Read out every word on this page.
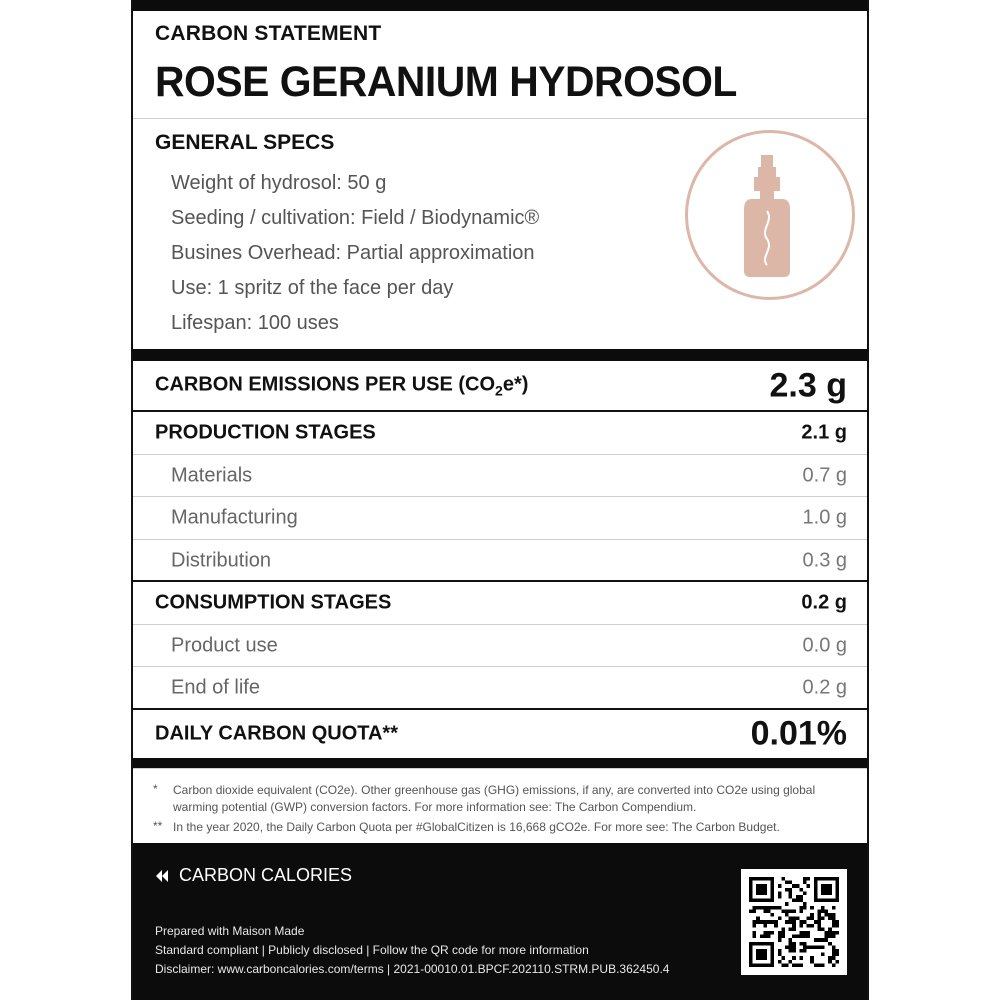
CARBON STATEMENT
ROSE GERANIUM HYDROSOL
GENERAL SPECS
Weight of hydrosol: 50 g
Seeding / cultivation: Field / Biodynamic®
Busines Overhead: Partial approximation
Use: 1 spritz of the face per day
Lifespan: 100 uses
CARBON EMISSIONS PER USE $(CO_2e*)$	2.3 g
PRODUCTION STAGES	2.1 g
Materials	0.7 g
Manufacturing	1.0 g
Distribution	0.3 g
CONSUMPTION STAGES	0.2 g
Product use	0.0 g
End of life	0.2 g
DAILY CARBON QUOTA**	0.01%
* Carbon dioxide equivalent (CO2e). Other greenhouse gas (GHG) emissions, if any, are converted into CO2e using global warming potential (GWP) conversion factors. For more information see: The Carbon Compendium.
** In the year 2020, the Daily Carbon Quota per #GlobalCitizen is 16,668 gCO2e. For more see: The Carbon Budget.
CARBON CALORIES
Prepared with Maison Made
Standard compliant | Publicly disclosed | Follow the QR code for more information
Disclaimer: www.carboncalories.com/terms | 2021-00010.01.BPCF.202110.STRM.PUB.362450.4
